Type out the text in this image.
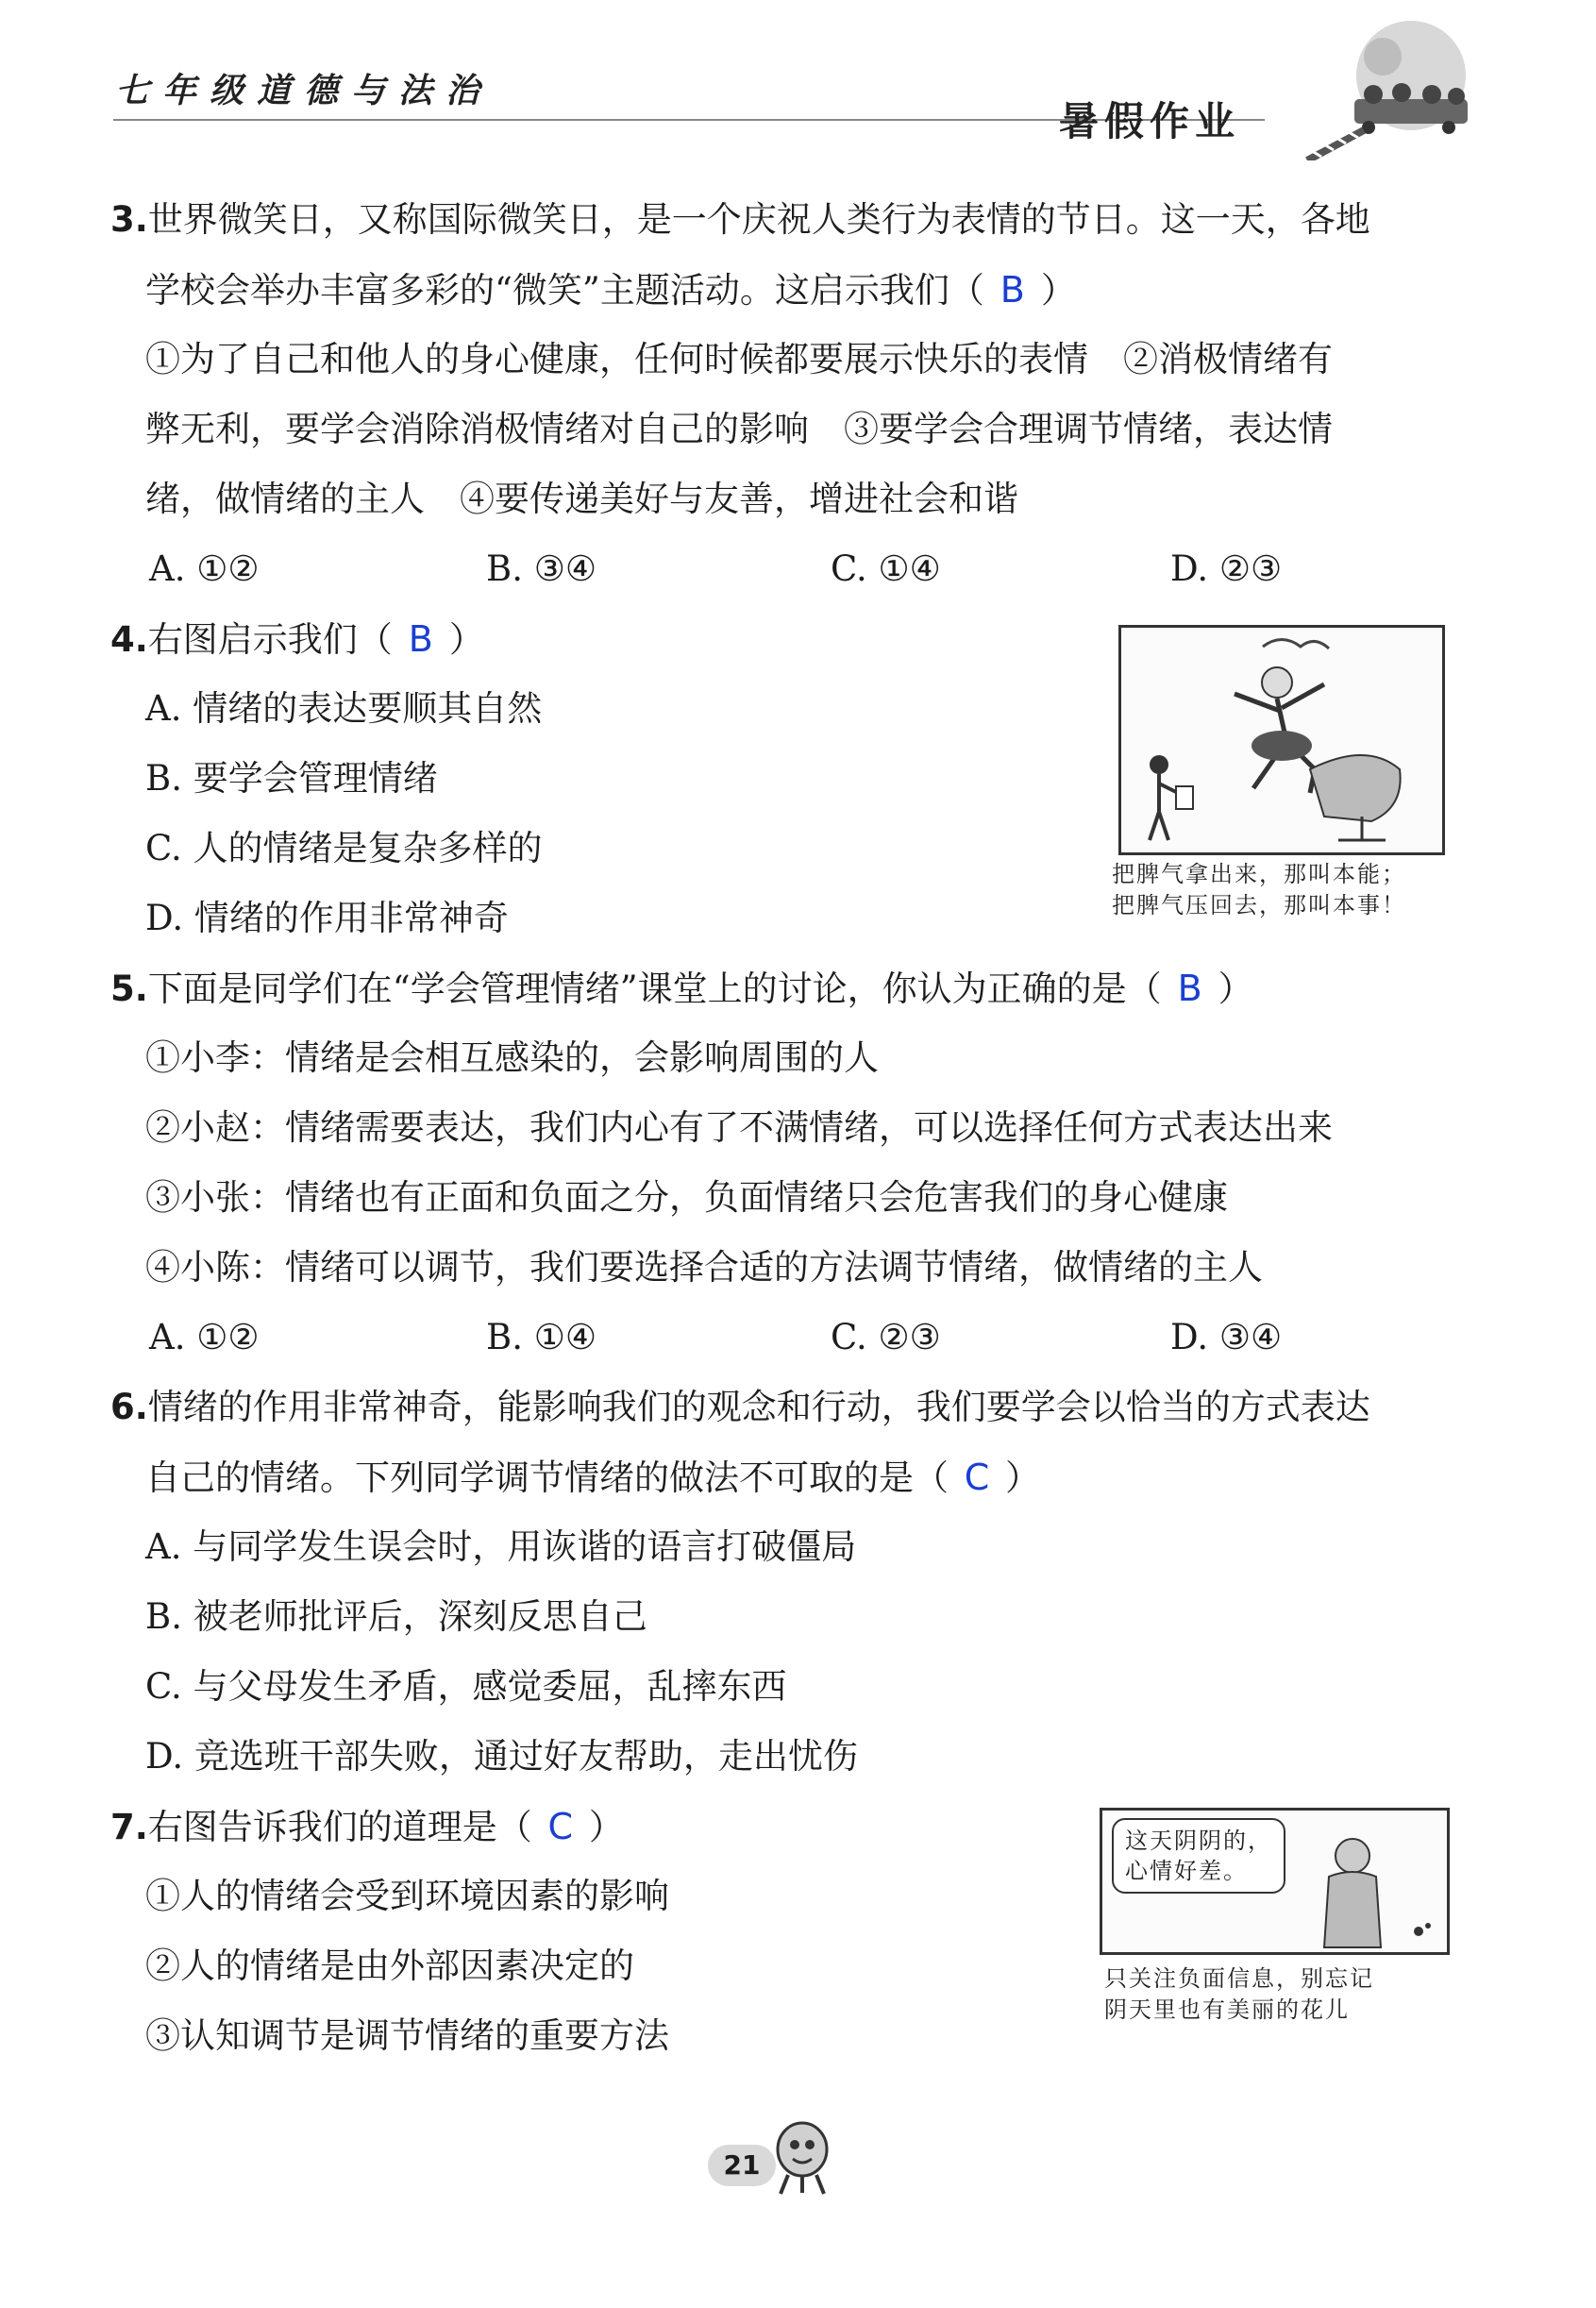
七年级道德与法治
暑假作业
3.世界微笑日，又称国际微笑日，是一个庆祝人类行为表情的节日。这一天，各地
学校会举办丰富多彩的“微笑”主题活动。这启示我们（ B ）
①为了自己和他人的身心健康，任何时候都要展示快乐的表情　②消极情绪有
弊无利，要学会消除消极情绪对自己的影响　③要学会合理调节情绪，表达情
绪，做情绪的主人　④要传递美好与友善，增进社会和谐
A. ①②	B. ③④	C. ①④	D. ②③
4.右图启示我们（ B ）
A. 情绪的表达要顺其自然
B. 要学会管理情绪
C. 人的情绪是复杂多样的
D. 情绪的作用非常神奇
把脾气拿出来，那叫本能；
把脾气压回去，那叫本事！
5.下面是同学们在“学会管理情绪”课堂上的讨论，你认为正确的是（ B ）
①小李：情绪是会相互感染的，会影响周围的人
②小赵：情绪需要表达，我们内心有了不满情绪，可以选择任何方式表达出来
③小张：情绪也有正面和负面之分，负面情绪只会危害我们的身心健康
④小陈：情绪可以调节，我们要选择合适的方法调节情绪，做情绪的主人
A. ①②	B. ①④	C. ②③	D. ③④
6.情绪的作用非常神奇，能影响我们的观念和行动，我们要学会以恰当的方式表达
自己的情绪。下列同学调节情绪的做法不可取的是（ C ）
A. 与同学发生误会时，用诙谐的语言打破僵局
B. 被老师批评后，深刻反思自己
C. 与父母发生矛盾，感觉委屈，乱摔东西
D. 竞选班干部失败，通过好友帮助，走出忧伤
7.右图告诉我们的道理是（ C ）
①人的情绪会受到环境因素的影响
②人的情绪是由外部因素决定的
③认知调节是调节情绪的重要方法
这天阴阴的，
心情好差。
只关注负面信息，别忘记
阴天里也有美丽的花儿
21
